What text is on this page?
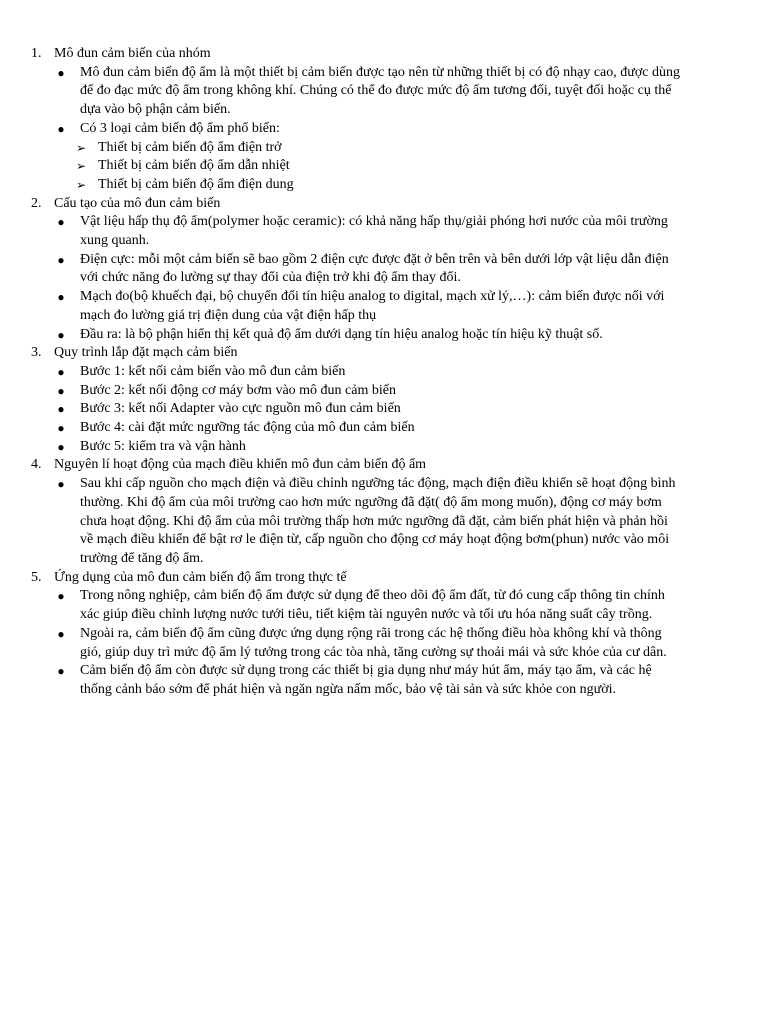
1. Mô đun cảm biến của nhóm
● Mô đun cảm biến độ ẩm là một thiết bị cảm biến được tạo nên từ những thiết bị có độ nhạy cao, được dùng để đo đạc mức độ ẩm trong không khí. Chúng có thể đo được mức độ ẩm tương đối, tuyệt đối hoặc cụ thể dựa vào bộ phận cảm biến.
● Có 3 loại cảm biến độ ẩm phổ biến:
➢ Thiết bị cảm biến độ ẩm điện trở
➢ Thiết bị cảm biến độ ẩm dẫn nhiệt
➢ Thiết bị cảm biến độ ẩm điện dung
2. Cấu tạo của mô đun cảm biến
● Vật liệu hấp thụ độ ẩm(polymer hoặc ceramic): có khả năng hấp thụ/giải phóng hơi nước của môi trường xung quanh.
● Điện cực: mỗi một cảm biến sẽ bao gồm 2 điện cực được đặt ở bên trên và bên dưới lớp vật liệu dẫn điện với chức năng đo lường sự thay đổi của điện trở khi độ ẩm thay đổi.
● Mạch đo(bộ khuếch đại, bộ chuyển đổi tín hiệu analog to digital, mạch xử lý,…): cảm biến được nối với mạch đo lường giá trị điện dung của vật điện hấp thụ
● Đầu ra: là bộ phận hiển thị kết quả độ ẩm dưới dạng tín hiệu analog hoặc tín hiệu kỹ thuật số.
3. Quy trình lắp đặt mạch cảm biến
● Bước 1: kết nối cảm biến vào mô đun cảm biến
● Bước 2: kết nối động cơ máy bơm vào mô đun cảm biến
● Bước 3: kết nối Adapter vào cực nguồn mô đun cảm biến
● Bước 4: cài đặt mức ngưỡng tác động của mô đun cảm biến
● Bước 5: kiểm tra và vận hành
4. Nguyên lí hoạt động của mạch điều khiển mô đun cảm biến độ ẩm
● Sau khi cấp nguồn cho mạch điện và điều chỉnh ngưỡng tác động, mạch điện điều khiển sẽ hoạt động bình thường. Khi độ ẩm của môi trường cao hơn mức ngưỡng đã đặt( độ ẩm mong muốn), động cơ máy bơm chưa hoạt động. Khi độ ẩm của môi trường thấp hơn mức ngưỡng đã đặt, cảm biến phát hiện và phản hồi về mạch điều khiển để bật rơ le điện từ, cấp nguồn cho động cơ máy hoạt động bơm(phun) nước vào môi trường để tăng độ ẩm.
5. Ứng dụng của mô đun cảm biến độ ẩm trong thực tế
● Trong nông nghiệp, cảm biến độ ẩm được sử dụng để theo dõi độ ẩm đất, từ đó cung cấp thông tin chính xác giúp điều chỉnh lượng nước tưới tiêu, tiết kiệm tài nguyên nước và tối ưu hóa năng suất cây trồng.
● Ngoài ra, cảm biến độ ẩm cũng được ứng dụng rộng rãi trong các hệ thống điều hòa không khí và thông gió, giúp duy trì mức độ ẩm lý tưởng trong các tòa nhà, tăng cường sự thoải mái và sức khỏe của cư dân.
● Cảm biến độ ẩm còn được sử dụng trong các thiết bị gia dụng như máy hút ẩm, máy tạo ẩm, và các hệ thống cảnh báo sớm để phát hiện và ngăn ngừa nấm mốc, bảo vệ tài sản và sức khỏe con người.
